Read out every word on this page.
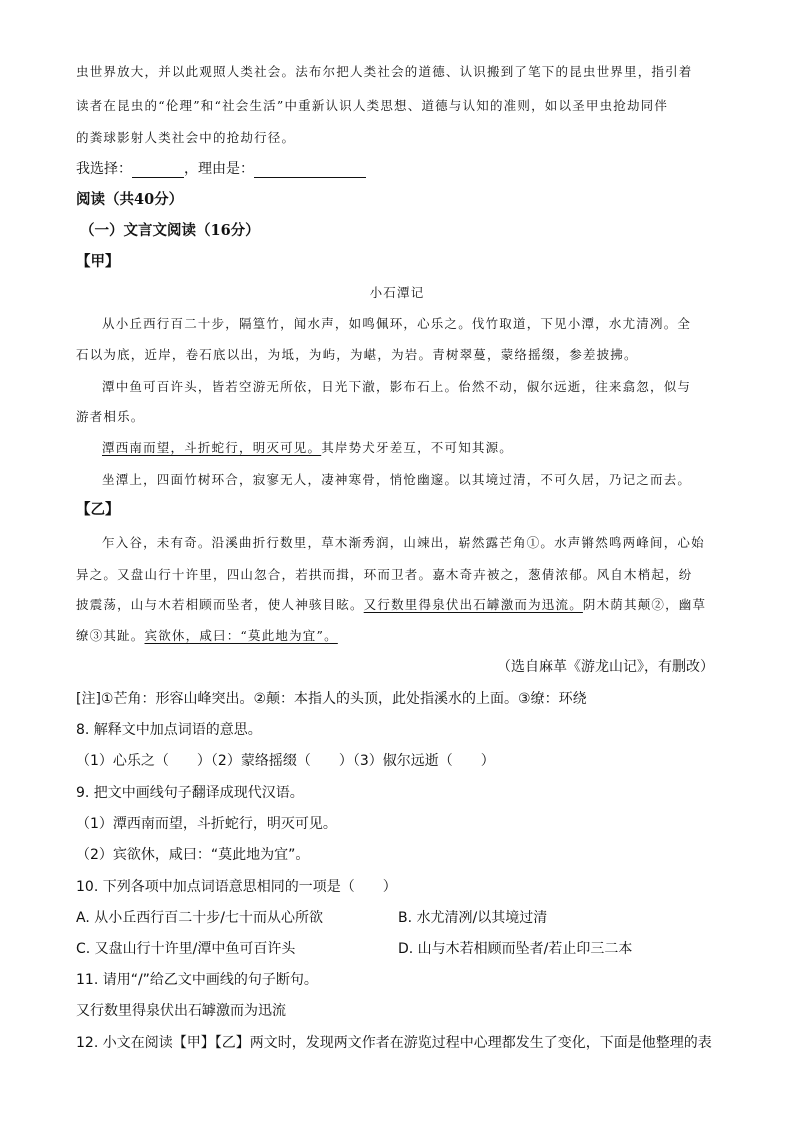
虫世界放大，并以此观照人类社会。法布尔把人类社会的道德、认识搬到了笔下的昆虫世界里，指引着
读者在昆虫的“伦理”和“社会生活”中重新认识人类思想、道德与认知的准则，如以圣甲虫抢劫同伴
的粪球影射人类社会中的抢劫行径。
我选择：	，理由是：
阅读（共40分）
（一）文言文阅读（16分）
【甲】
小石潭记
从小丘西行百二十步，隔篁竹，闻水声，如鸣佩环，心乐之。伐竹取道，下见小潭，水尤清冽。全
石以为底，近岸，卷石底以出，为坻，为屿，为嵁，为岩。青树翠蔓，蒙络摇缀，参差披拂。
潭中鱼可百许头，皆若空游无所依，日光下澈，影布石上。佁然不动，俶尔远逝，往来翕忽，似与
游者相乐。
潭西南而望，斗折蛇行，明灭可见。其岸势犬牙差互，不可知其源。
坐潭上，四面竹树环合，寂寥无人，凄神寒骨，悄怆幽邃。以其境过清，不可久居，乃记之而去。
【乙】
乍入谷，未有奇。沿溪曲折行数里，草木渐秀润，山竦出，崭然露芒角①。水声锵然鸣两峰间，心始
异之。又盘山行十许里，四山忽合，若拱而揖，环而卫者。嘉木奇卉被之，葱倩浓郁。风自木梢起，纷
披震荡，山与木若相顾而坠者，使人神骇目眩。又行数里得泉伏出石罅激而为迅流。阴木荫其颠②，幽草
缭③其趾。宾欲休，咸曰：“莫此地为宜”。
（选自麻革《游龙山记》，有删改）
[注]①芒角：形容山峰突出。②颠：本指人的头顶，此处指溪水的上面。③缭：环绕
8. 解释文中加点词语的意思。
（1）心乐之（　　）（2）蒙络摇缀（　　）（3）俶尔远逝（　　）
9. 把文中画线句子翻译成现代汉语。
（1）潭西南而望，斗折蛇行，明灭可见。
（2）宾欲休，咸曰：“莫此地为宜”。
10. 下列各项中加点词语意思相同的一项是（　　）
A. 从小丘西行百二十步/七十而从心所欲	B. 水尤清冽/以其境过清
C. 又盘山行十许里/潭中鱼可百许头	D. 山与木若相顾而坠者/若止印三二本
11. 请用“/”给乙文中画线的句子断句。
又行数里得泉伏出石罅激而为迅流
12. 小文在阅读【甲】【乙】两文时，发现两文作者在游览过程中心理都发生了变化，下面是他整理的表
